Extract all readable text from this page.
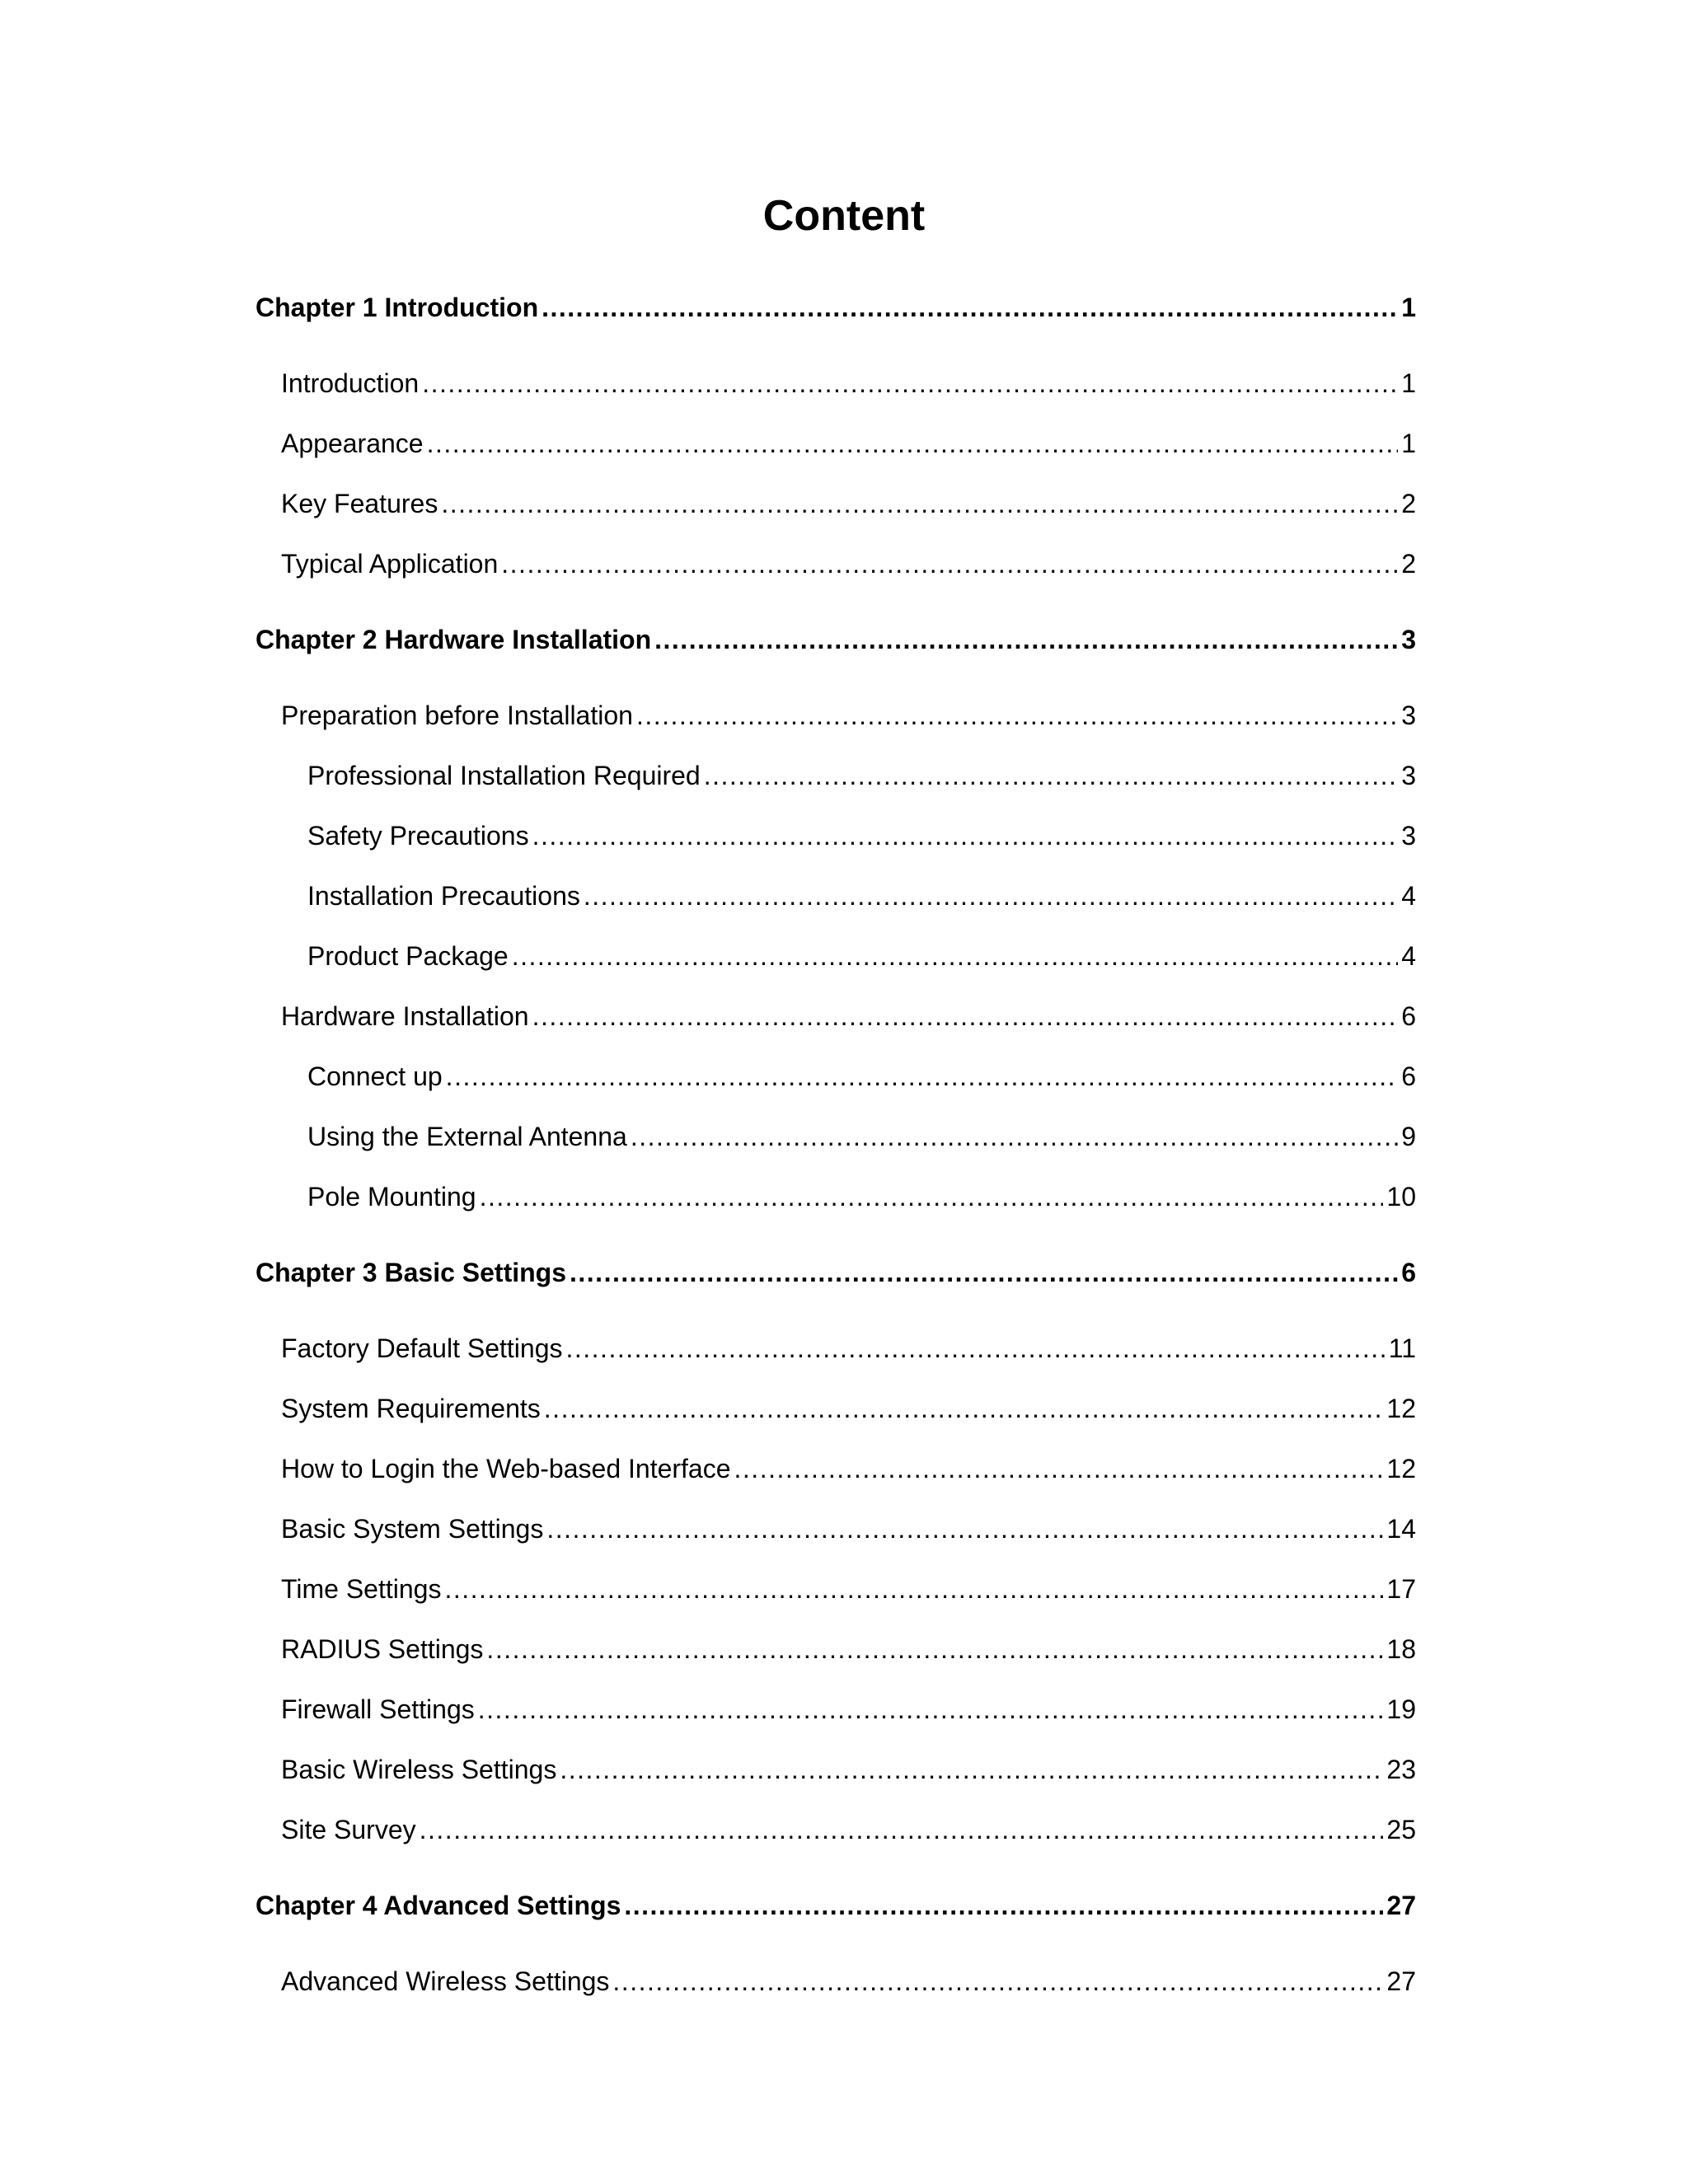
Content
Chapter 1 Introduction .....	1
Introduction .....	1
Appearance .....	1
Key Features .....	2
Typical Application .....	2
Chapter 2 Hardware Installation .....	3
Preparation before Installation .....	3
Professional Installation Required .....	3
Safety Precautions .....	3
Installation Precautions .....	4
Product Package .....	4
Hardware Installation .....	6
Connect up .....	6
Using the External Antenna .....	9
Pole Mounting .....	10
Chapter 3 Basic Settings .....	6
Factory Default Settings .....	11
System Requirements .....	12
How to Login the Web-based Interface .....	12
Basic System Settings .....	14
Time Settings .....	17
RADIUS Settings .....	18
Firewall Settings .....	19
Basic Wireless Settings .....	23
Site Survey .....	25
Chapter 4 Advanced Settings .....	27
Advanced Wireless Settings .....	27
